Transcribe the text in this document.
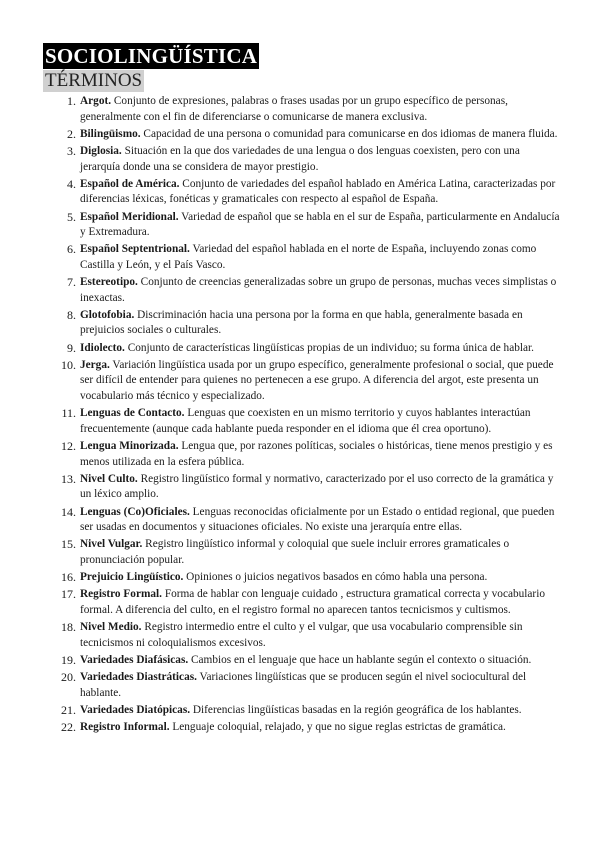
SOCIOLINGÜÍSTICA
TÉRMINOS
1. Argot. Conjunto de expresiones, palabras o frases usadas por un grupo específico de personas, generalmente con el fin de diferenciarse o comunicarse de manera exclusiva.
2. Bilingüismo. Capacidad de una persona o comunidad para comunicarse en dos idiomas de manera fluida.
3. Diglosia. Situación en la que dos variedades de una lengua o dos lenguas coexisten, pero con una jerarquía donde una se considera de mayor prestigio.
4. Español de América. Conjunto de variedades del español hablado en América Latina, caracterizadas por diferencias léxicas, fonéticas y gramaticales con respecto al español de España.
5. Español Meridional. Variedad de español que se habla en el sur de España, particularmente en Andalucía y Extremadura.
6. Español Septentrional. Variedad del español hablada en el norte de España, incluyendo zonas como Castilla y León, y el País Vasco.
7. Estereotipo. Conjunto de creencias generalizadas sobre un grupo de personas, muchas veces simplistas o inexactas.
8. Glotofobia. Discriminación hacia una persona por la forma en que habla, generalmente basada en prejuicios sociales o culturales.
9. Idiolecto. Conjunto de características lingüísticas propias de un individuo; su forma única de hablar.
10. Jerga. Variación lingüística usada por un grupo específico, generalmente profesional o social, que puede ser difícil de entender para quienes no pertenecen a ese grupo. A diferencia del argot, este presenta un vocabulario más técnico y especializado.
11. Lenguas de Contacto. Lenguas que coexisten en un mismo territorio y cuyos hablantes interactúan frecuentemente (aunque cada hablante pueda responder en el idioma que él crea oportuno).
12. Lengua Minorizada. Lengua que, por razones políticas, sociales o históricas, tiene menos prestigio y es menos utilizada en la esfera pública.
13. Nivel Culto. Registro lingüístico formal y normativo, caracterizado por el uso correcto de la gramática y un léxico amplio.
14. Lenguas (Co)Oficiales. Lenguas reconocidas oficialmente por un Estado o entidad regional, que pueden ser usadas en documentos y situaciones oficiales. No existe una jerarquía entre ellas.
15. Nivel Vulgar. Registro lingüístico informal y coloquial que suele incluir errores gramaticales o pronunciación popular.
16. Prejuicio Lingüístico. Opiniones o juicios negativos basados en cómo habla una persona.
17. Registro Formal. Forma de hablar con lenguaje cuidado , estructura gramatical correcta y vocabulario formal. A diferencia del culto, en el registro formal no aparecen tantos tecnicismos y cultismos.
18. Nivel Medio. Registro intermedio entre el culto y el vulgar, que usa vocabulario comprensible sin tecnicismos ni coloquialismos excesivos.
19. Variedades Diafásicas. Cambios en el lenguaje que hace un hablante según el contexto o situación.
20. Variedades Diastráticas. Variaciones lingüísticas que se producen según el nivel sociocultural del hablante.
21. Variedades Diatópicas. Diferencias lingüísticas basadas en la región geográfica de los hablantes.
22. Registro Informal. Lenguaje coloquial, relajado, y que no sigue reglas estrictas de gramática.
